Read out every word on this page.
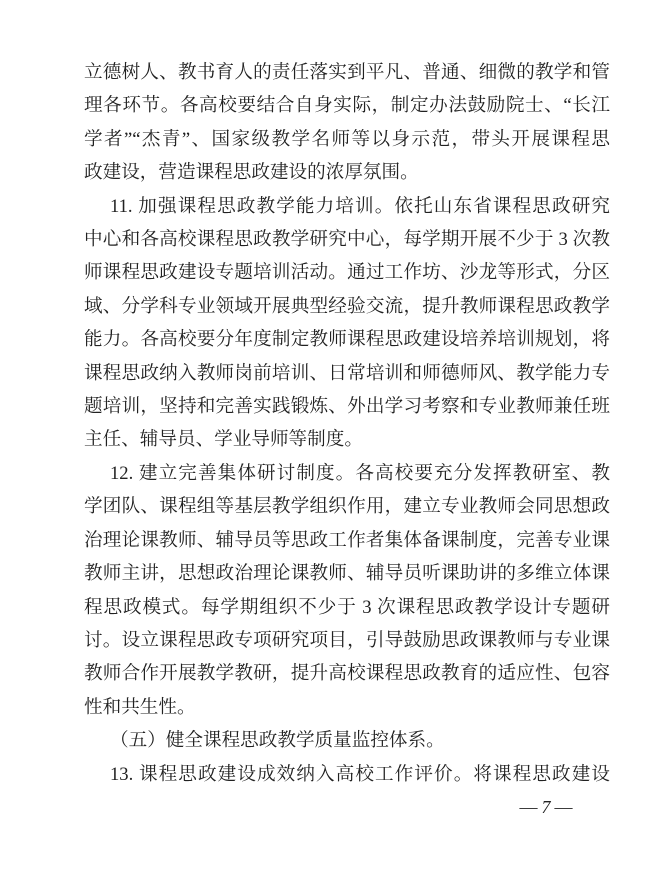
立德树人、教书育人的责任落实到平凡、普通、细微的教学和管
理各环节。各高校要结合自身实际，制定办法鼓励院士、“长江
学者”“杰青”、国家级教学名师等以身示范，带头开展课程思
政建设，营造课程思政建设的浓厚氛围。
11. 加强课程思政教学能力培训。依托山东省课程思政研究
中心和各高校课程思政教学研究中心，每学期开展不少于 3 次教
师课程思政建设专题培训活动。通过工作坊、沙龙等形式，分区
域、分学科专业领域开展典型经验交流，提升教师课程思政教学
能力。各高校要分年度制定教师课程思政建设培养培训规划，将
课程思政纳入教师岗前培训、日常培训和师德师风、教学能力专
题培训，坚持和完善实践锻炼、外出学习考察和专业教师兼任班
主任、辅导员、学业导师等制度。
12. 建立完善集体研讨制度。各高校要充分发挥教研室、教
学团队、课程组等基层教学组织作用，建立专业教师会同思想政
治理论课教师、辅导员等思政工作者集体备课制度，完善专业课
教师主讲，思想政治理论课教师、辅导员听课助讲的多维立体课
程思政模式。每学期组织不少于 3 次课程思政教学设计专题研
讨。设立课程思政专项研究项目，引导鼓励思政课教师与专业课
教师合作开展教学教研，提升高校课程思政教育的适应性、包容
性和共生性。
（五）健全课程思政教学质量监控体系。
13. 课程思政建设成效纳入高校工作评价。将课程思政建设
— 7 —
